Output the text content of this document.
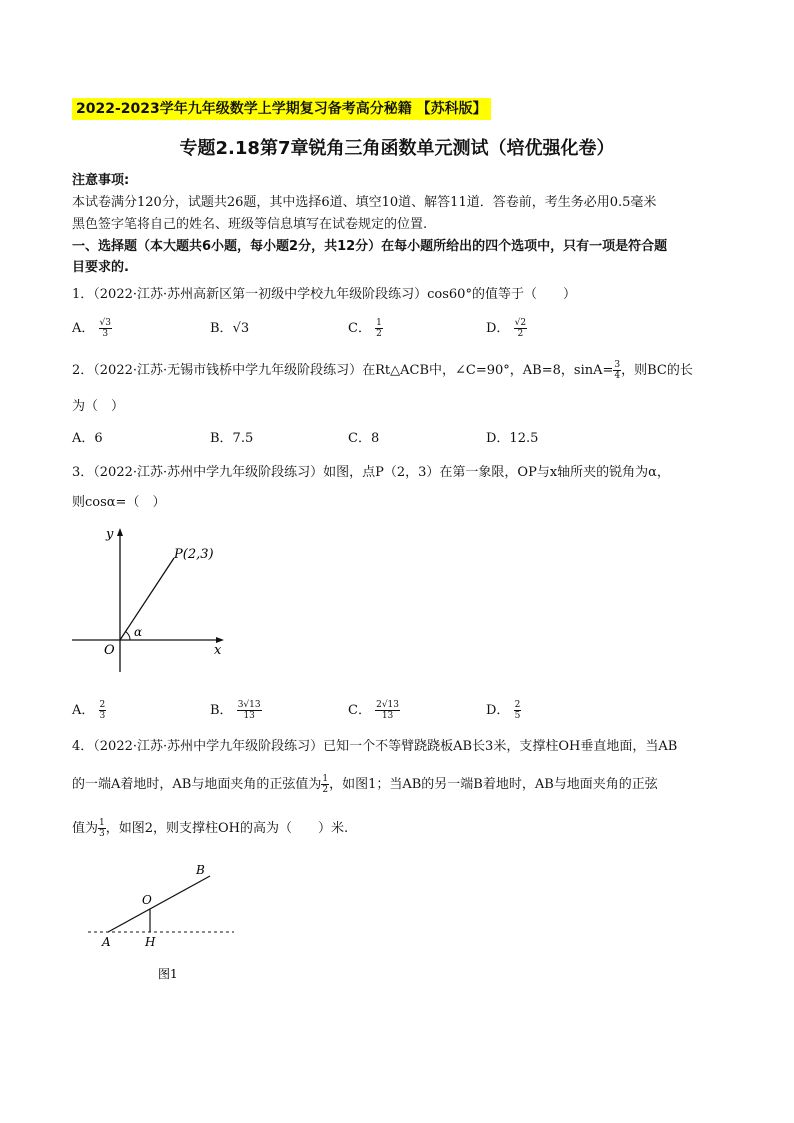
2022-2023学年九年级数学上学期复习备考高分秘籍 【苏科版】
专题2.18第7章锐角三角函数单元测试（培优强化卷）
注意事项:
本试卷满分120分，试题共26题，其中选择6道、填空10道、解答11道．答卷前，考生务必用0.5毫米
黑色签字笔将自己的姓名、班级等信息填写在试卷规定的位置.
一、选择题（本大题共6小题，每小题2分，共12分）在每小题所给出的四个选项中，只有一项是符合题
目要求的.
1．（2022·江苏·苏州高新区第一初级中学校九年级阶段练习）cos60°的值等于（　　）
A． $\frac{√3}{3}$	B．√3	C． $\frac{1}{2}$	D． $\frac{√2}{2}$
2．（2022·江苏·无锡市钱桥中学九年级阶段练习）在Rt△ACB中，∠C=90°，AB=8，$\sin A= \frac{3}{4}$ ，则BC的长
为（　）
A．6	B．7.5	C．8	D．12.5
3．（2022·江苏·苏州中学九年级阶段练习）如图，点P（2，3）在第一象限，OP与x轴所夹的锐角为α，
则cosα=（　）
y
x
O
P(2,3)
α
A． $\frac{2}{3}$	B． $\frac{3√13}{13}$	C． $\frac{2√13}{13}$	D． $\frac{2}{5}$
4．（2022·江苏·苏州中学九年级阶段练习）已知一个不等臂跷跷板AB长3米，支撑柱OH垂直地面，当AB
的一端A着地时，AB与地面夹角的正弦值为 $\frac{1}{2}$ ，如图1；当AB的另一端B着地时，AB与地面夹角的正弦
值为 $\frac{1}{3}$ ，如图2，则支撑柱OH的高为（　　）米.
B
O
A	H
图1
